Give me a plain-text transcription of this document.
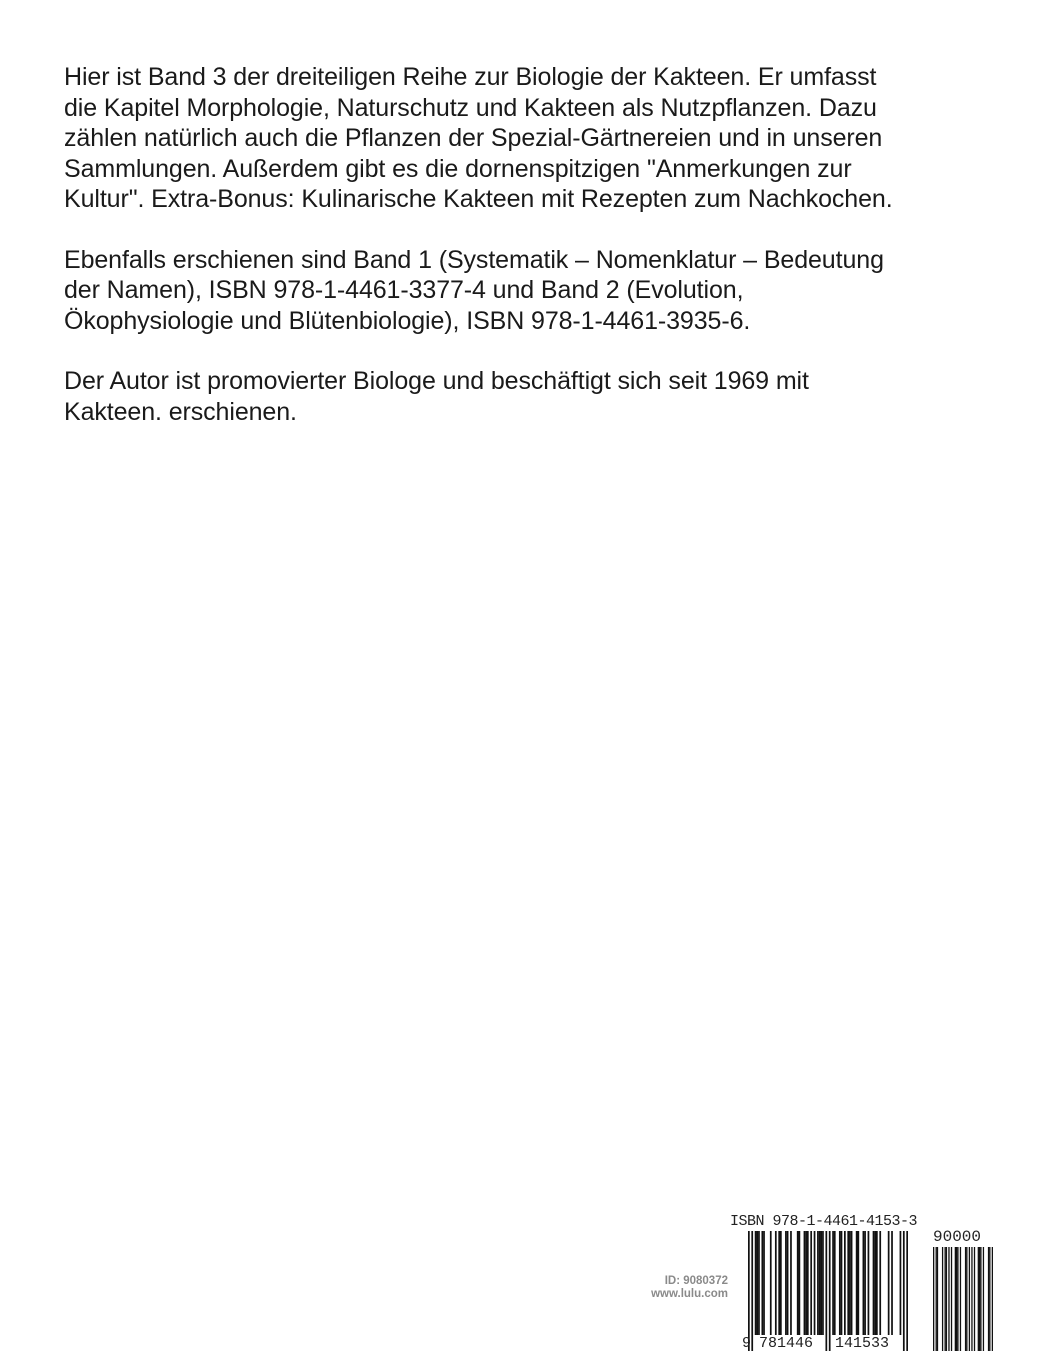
Hier ist Band 3 der dreiteiligen Reihe zur Biologie der Kakteen. Er umfasst
die Kapitel Morphologie, Naturschutz und Kakteen als Nutzpflanzen. Dazu
zählen natürlich auch die Pflanzen der Spezial-Gärtnereien und in unseren
Sammlungen. Außerdem gibt es die dornenspitzigen "Anmerkungen zur
Kultur". Extra-Bonus: Kulinarische Kakteen mit Rezepten zum Nachkochen.

Ebenfalls erschienen sind Band 1 (Systematik – Nomenklatur – Bedeutung
der Namen), ISBN 978-1-4461-3377-4 und Band 2 (Evolution,
Ökophysiologie und Blütenbiologie), ISBN 978-1-4461-3935-6.

Der Autor ist promovierter Biologe und beschäftigt sich seit 1969 mit
Kakteen. erschienen.

ID: 9080372
www.lulu.com
ISBN 978-1-4461-4153-3
90000
9 781446 141533
